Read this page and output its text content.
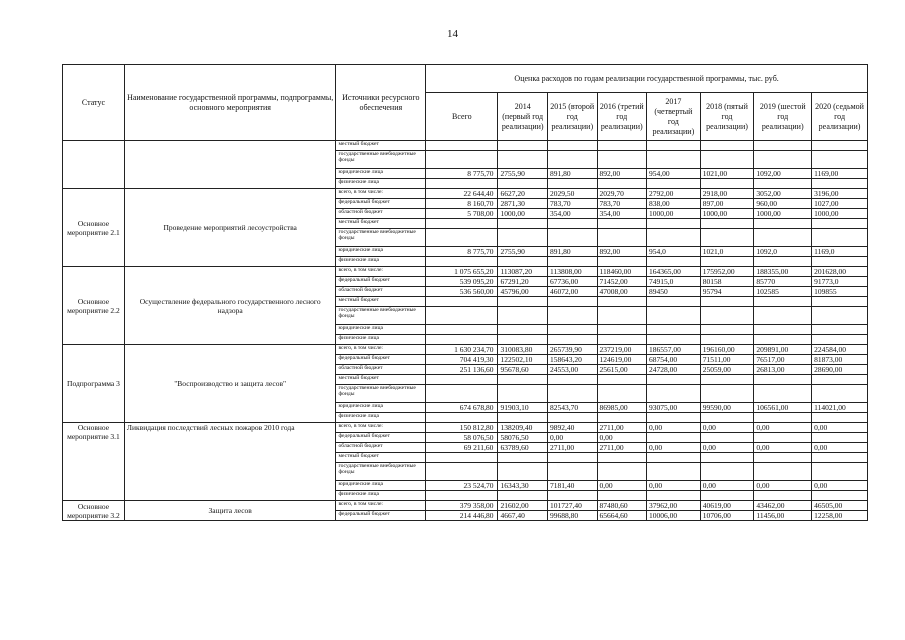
14
Статус	Наименование государственной программы, подпрограммы, основного мероприятия	Источники ресурсного обеспечения	Оценка расходов по годам реализации государственной программы, тыс. руб.							
			Всего	2014 (первый год реализации)	2015 (второй год реализации)	2016 (третий год реализации)	2017 (четвертый год реализации)	2018 (пятый год реализации)	2019 (шестой год реализации)	2020 (седьмой год реализации)
		местный бюджет								
		государственные внебюджетные фонды								
		юридические лица	8 775,70	2755,90	891,80	892,00	954,00	1021,00	1092,00	1169,00
		физические лица								
Основное мероприятие 2.1	Проведение мероприятий лесоустройства	всего, в том числе:	22 644,40	6627,20	2029,50	2029,70	2792,00	2918,00	3052,00	3196,00
		федеральный бюджет	8 160,70	2871,30	783,70	783,70	838,00	897,00	960,00	1027,00
		областной бюджет	5 708,00	1000,00	354,00	354,00	1000,00	1000,00	1000,00	1000,00
		местный бюджет								
		государственные внебюджетные фонды								
		юридические лица	8 775,70	2755,90	891,80	892,00	954,0	1021,0	1092,0	1169,0
		физические лица								
Основное мероприятие 2.2	Осуществление федерального государственного лесного надзора	всего, в том числе:	1 075 655,20	113087,20	113808,00	118460,00	164365,00	175952,00	188355,00	201628,00
		федеральный бюджет	539 095,20	67291,20	67736,00	71452,00	74915,0	80158	85770	91773,0
		областной бюджет	536 560,00	45796,00	46072,00	47008,00	89450	95794	102585	109855
		местный бюджет								
		государственные внебюджетные фонды								
		юридические лица								
		физические лица								
Подпрограмма 3	"Воспроизводство и защита лесов"	всего, в том числе:	1 630 234,70	310083,80	265739,90	237219,00	186557,00	196160,00	209891,00	224584,00
		федеральный бюджет	704 419,30	122502,10	158643,20	124619,00	68754,00	71511,00	76517,00	81873,00
		областной бюджет	251 136,60	95678,60	24553,00	25615,00	24728,00	25059,00	26813,00	28690,00
		местный бюджет								
		государственные внебюджетные фонды								
		юридические лица	674 678,80	91903,10	82543,70	86985,00	93075,00	99590,00	106561,00	114021,00
		физические лица								
Основное мероприятие 3.1	Ликвидация последствий лесных пожаров 2010 года	всего, в том числе:	150 812,80	138209,40	9892,40	2711,00	0,00	0,00	0,00	0,00
		федеральный бюджет	58 076,50	58076,50	0,00	0,00				
		областной бюджет	69 211,60	63789,60	2711,00	2711,00	0,00	0,00	0,00	0,00
		местный бюджет								
		государственные внебюджетные фонды								
		юридические лица	23 524,70	16343,30	7181,40	0,00	0,00	0,00	0,00	0,00
		физические лица								
Основное мероприятие 3.2	Защита лесов	всего, в том числе:	379 358,00	21602,00	101727,40	87480,60	37962,00	40619,00	43462,00	46505,00
		федеральный бюджет	214 446,80	4667,40	99688,80	65664,60	10006,00	10706,00	11456,00	12258,00
